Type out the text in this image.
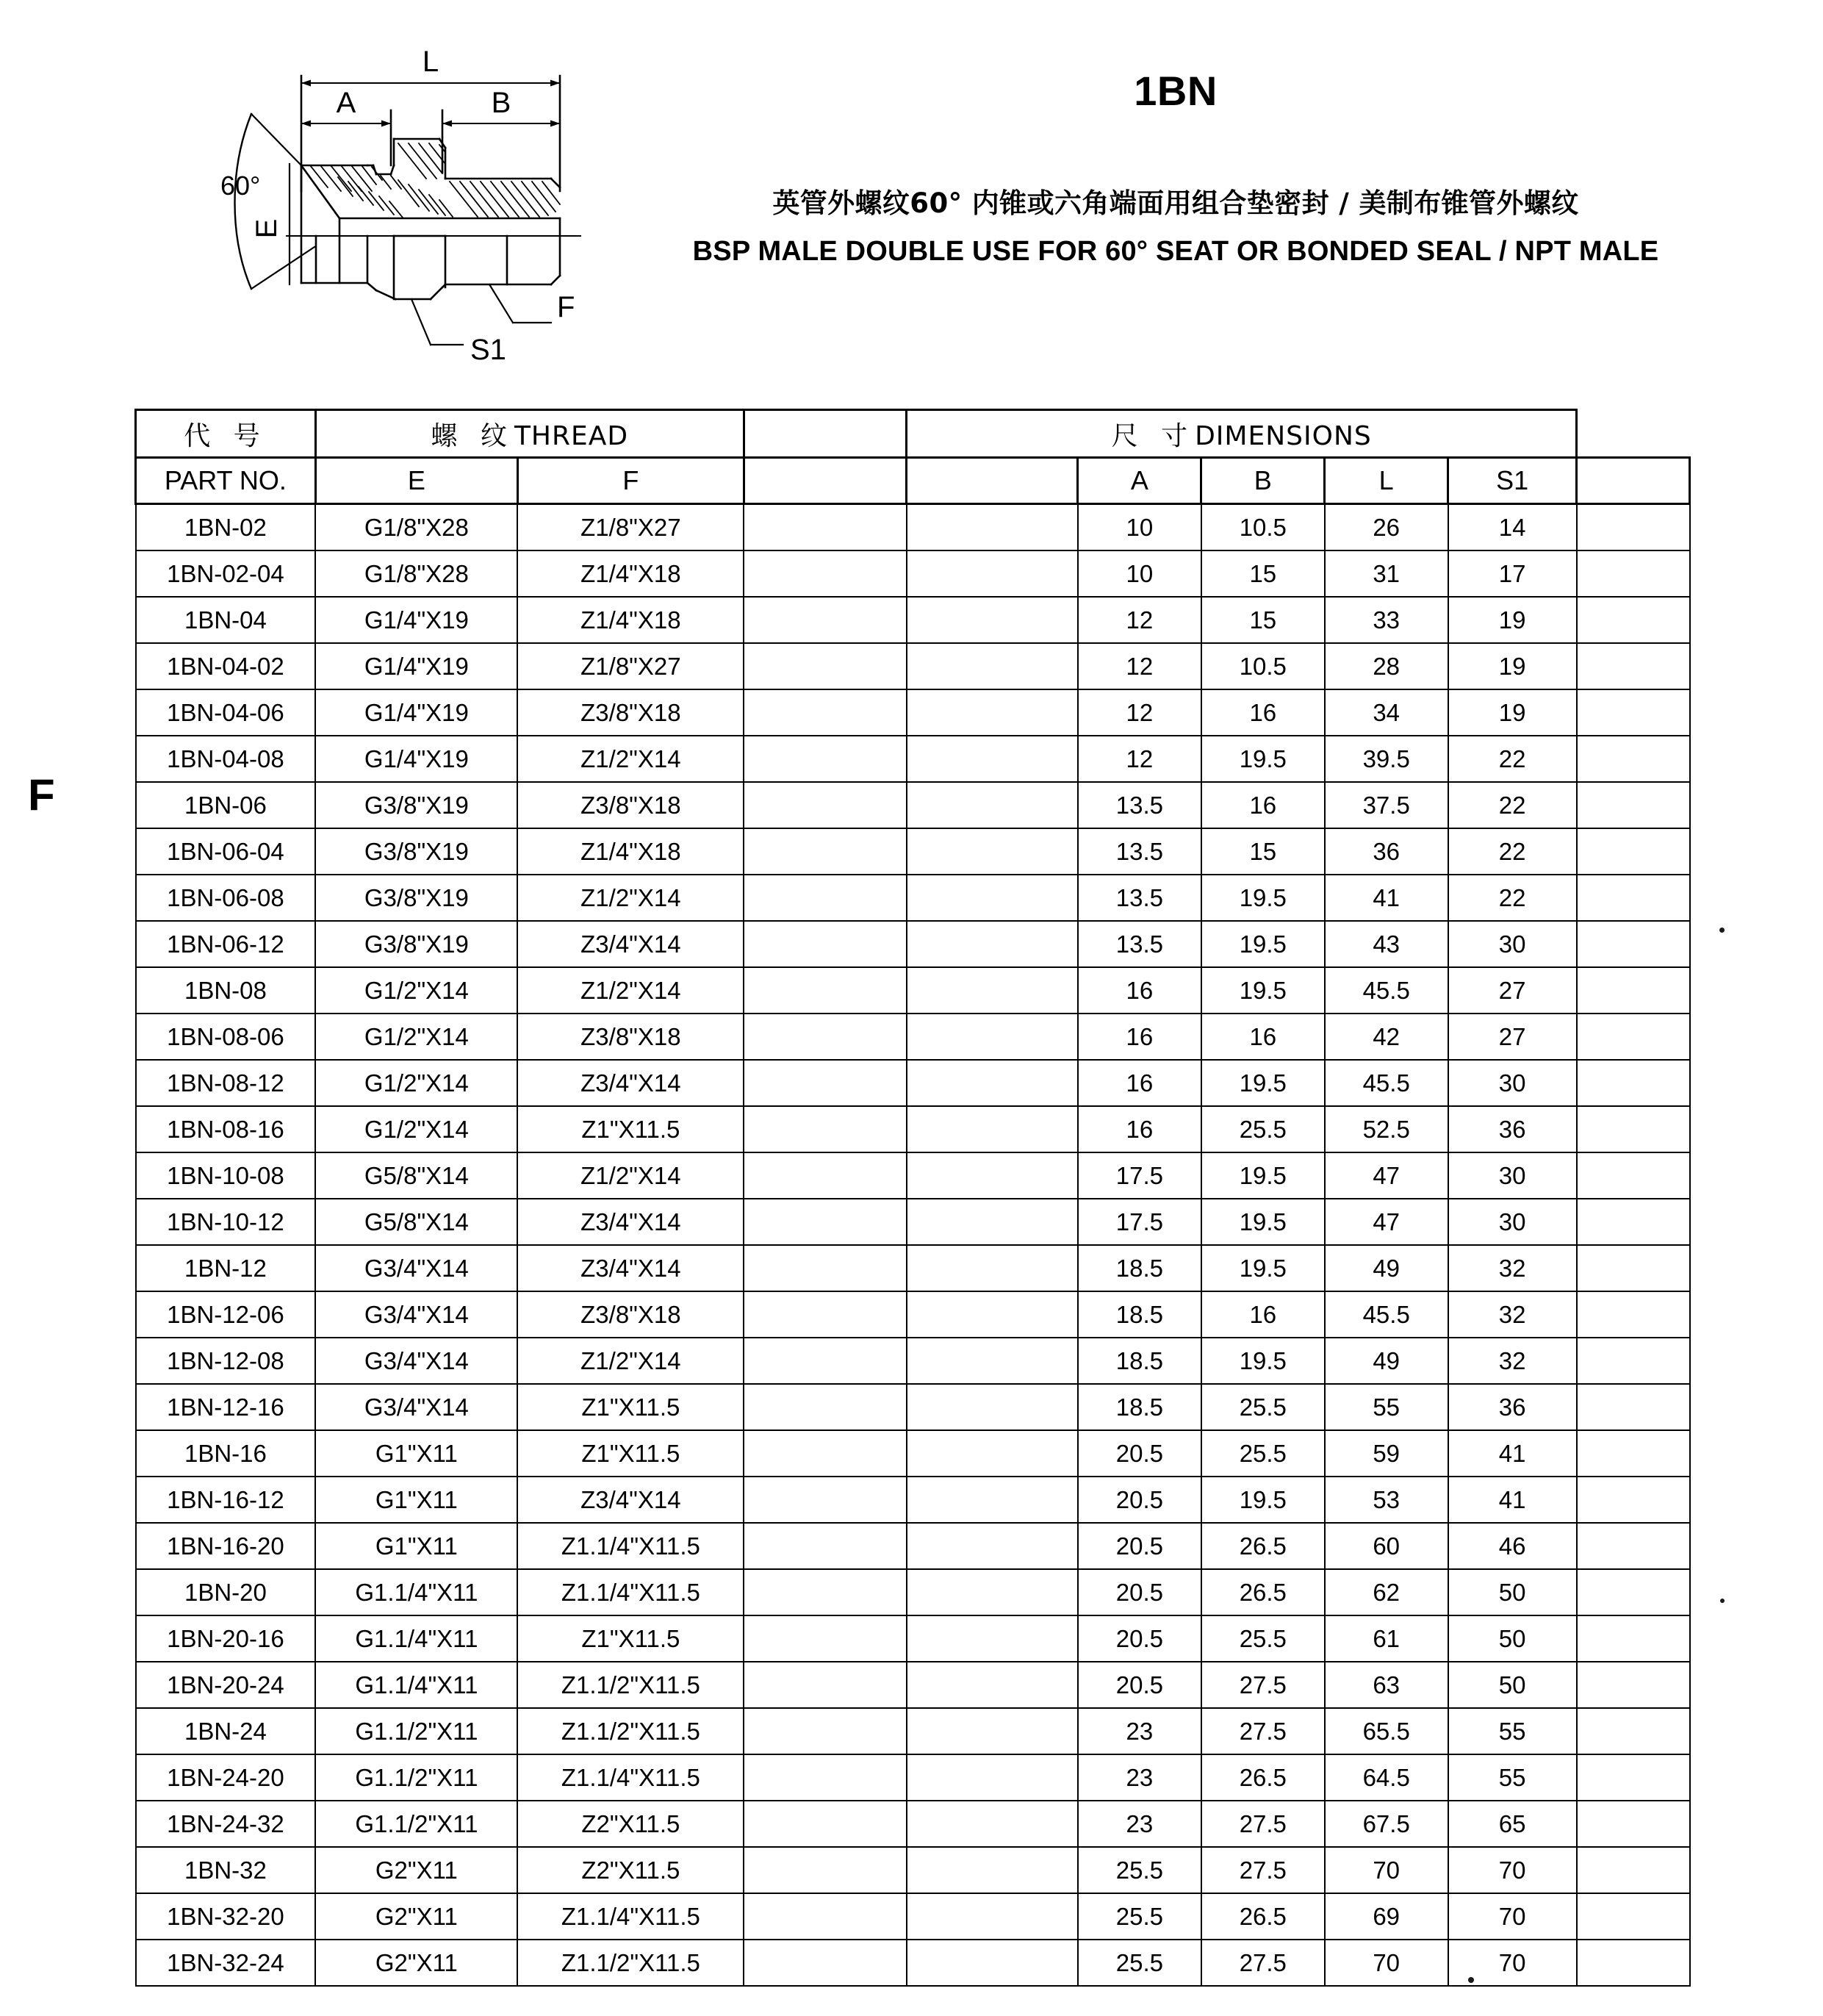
F
L
A	B
60°
E
S1
F
1BN
英管外螺纹60° 内锥或六角端面用组合垫密封 / 美制布锥管外螺纹
BSP MALE DOUBLE USE FOR 60° SEAT OR BONDED SEAL / NPT MALE
代 号	螺 纹THREAD			尺 寸DIMENSIONS					
PART NO.	E	F			A	B	L	S1	
1BN-02	G1/8"X28	Z1/8"X27			10	10.5	26	14	
1BN-02-04	G1/8"X28	Z1/4"X18			10	15	31	17	
1BN-04	G1/4"X19	Z1/4"X18			12	15	33	19	
1BN-04-02	G1/4"X19	Z1/8"X27			12	10.5	28	19	
1BN-04-06	G1/4"X19	Z3/8"X18			12	16	34	19	
1BN-04-08	G1/4"X19	Z1/2"X14			12	19.5	39.5	22	
1BN-06	G3/8"X19	Z3/8"X18			13.5	16	37.5	22	
1BN-06-04	G3/8"X19	Z1/4"X18			13.5	15	36	22	
1BN-06-08	G3/8"X19	Z1/2"X14			13.5	19.5	41	22	
1BN-06-12	G3/8"X19	Z3/4"X14			13.5	19.5	43	30	
1BN-08	G1/2"X14	Z1/2"X14			16	19.5	45.5	27	
1BN-08-06	G1/2"X14	Z3/8"X18			16	16	42	27	
1BN-08-12	G1/2"X14	Z3/4"X14			16	19.5	45.5	30	
1BN-08-16	G1/2"X14	Z1"X11.5			16	25.5	52.5	36	
1BN-10-08	G5/8"X14	Z1/2"X14			17.5	19.5	47	30	
1BN-10-12	G5/8"X14	Z3/4"X14			17.5	19.5	47	30	
1BN-12	G3/4"X14	Z3/4"X14			18.5	19.5	49	32	
1BN-12-06	G3/4"X14	Z3/8"X18			18.5	16	45.5	32	
1BN-12-08	G3/4"X14	Z1/2"X14			18.5	19.5	49	32	
1BN-12-16	G3/4"X14	Z1"X11.5			18.5	25.5	55	36	
1BN-16	G1"X11	Z1"X11.5			20.5	25.5	59	41	
1BN-16-12	G1"X11	Z3/4"X14			20.5	19.5	53	41	
1BN-16-20	G1"X11	Z1.1/4"X11.5			20.5	26.5	60	46	
1BN-20	G1.1/4"X11	Z1.1/4"X11.5			20.5	26.5	62	50	
1BN-20-16	G1.1/4"X11	Z1"X11.5			20.5	25.5	61	50	
1BN-20-24	G1.1/4"X11	Z1.1/2"X11.5			20.5	27.5	63	50	
1BN-24	G1.1/2"X11	Z1.1/2"X11.5			23	27.5	65.5	55	
1BN-24-20	G1.1/2"X11	Z1.1/4"X11.5			23	26.5	64.5	55	
1BN-24-32	G1.1/2"X11	Z2"X11.5			23	27.5	67.5	65	
1BN-32	G2"X11	Z2"X11.5			25.5	27.5	70	70	
1BN-32-20	G2"X11	Z1.1/4"X11.5			25.5	26.5	69	70	
1BN-32-24	G2"X11	Z1.1/2"X11.5			25.5	27.5	70	70	
